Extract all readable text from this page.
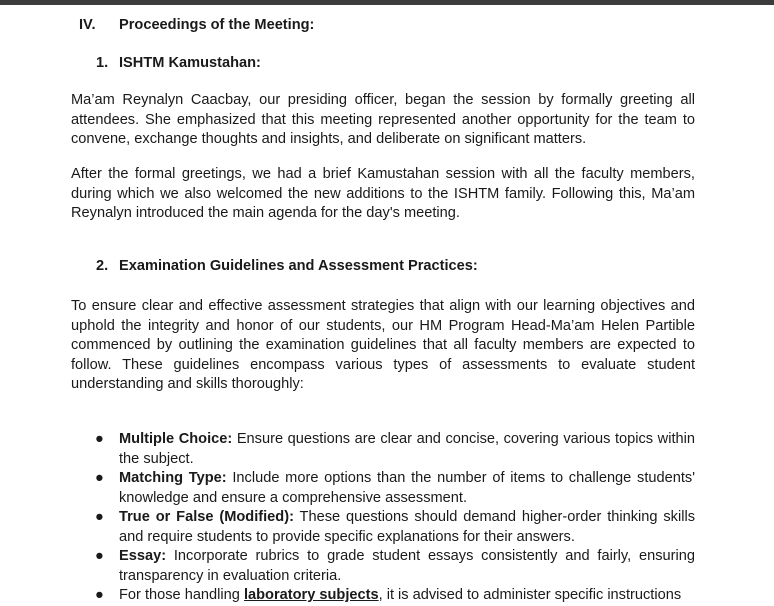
IV. Proceedings of the Meeting:
1. ISHTM Kamustahan:

Ma’am Reynalyn Caacbay, our presiding officer, began the session by formally greeting all attendees. She emphasized that this meeting represented another opportunity for the team to convene, exchange thoughts and insights, and deliberate on significant matters.

After the formal greetings, we had a brief Kamustahan session with all the faculty members, during which we also welcomed the new additions to the ISHTM family. Following this, Ma’am Reynalyn introduced the main agenda for the day's meeting.

2. Examination Guidelines and Assessment Practices:

To ensure clear and effective assessment strategies that align with our learning objectives and uphold the integrity and honor of our students, our HM Program Head-Ma’am Helen Partible commenced by outlining the examination guidelines that all faculty members are expected to follow. These guidelines encompass various types of assessments to evaluate student understanding and skills thoroughly:

● Multiple Choice: Ensure questions are clear and concise, covering various topics within the subject.
● Matching Type: Include more options than the number of items to challenge students' knowledge and ensure a comprehensive assessment.
● True or False (Modified): These questions should demand higher-order thinking skills and require students to provide specific explanations for their answers.
● Essay: Incorporate rubrics to grade student essays consistently and fairly, ensuring transparency in evaluation criteria.
● For those handling laboratory subjects, it is advised to administer specific instructions
